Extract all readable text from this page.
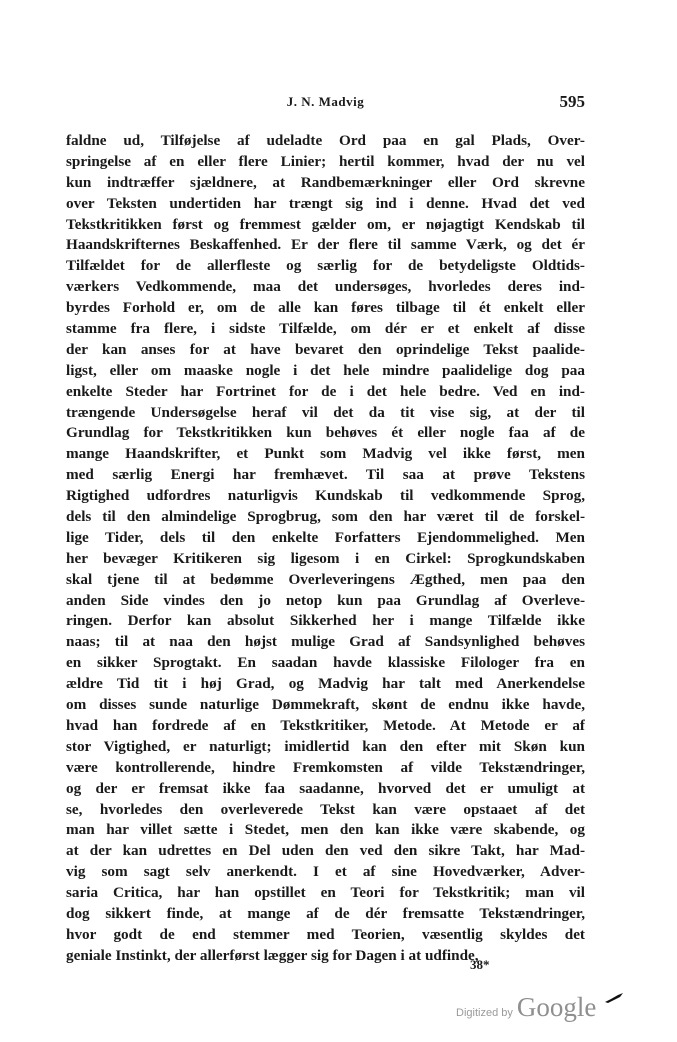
J. N. Madvig	595
faldne ud, Tilføjelse af udeladte Ord paa en gal Plads, Over-
springelse af en eller flere Linier; hertil kommer, hvad der nu vel
kun indtræffer sjældnere, at Randbemærkninger eller Ord skrevne
over Teksten undertiden har trængt sig ind i denne. Hvad det ved
Tekstkritikken først og fremmest gælder om, er nøjagtigt Kendskab til
Haandskrifternes Beskaffenhed. Er der flere til samme Værk, og det ér
Tilfældet for de allerfleste og særlig for de betydeligste Oldtids-
værkers Vedkommende, maa det undersøges, hvorledes deres ind-
byrdes Forhold er, om de alle kan føres tilbage til ét enkelt eller
stamme fra flere, i sidste Tilfælde, om dér er et enkelt af disse
der kan anses for at have bevaret den oprindelige Tekst paalide-
ligst, eller om maaske nogle i det hele mindre paalidelige dog paa
enkelte Steder har Fortrinet for de i det hele bedre. Ved en ind-
trængende Undersøgelse heraf vil det da tit vise sig, at der til
Grundlag for Tekstkritikken kun behøves ét eller nogle faa af de
mange Haandskrifter, et Punkt som Madvig vel ikke først, men
med særlig Energi har fremhævet. Til saa at prøve Tekstens
Rigtighed udfordres naturligvis Kundskab til vedkommende Sprog,
dels til den almindelige Sprogbrug, som den har været til de forskel-
lige Tider, dels til den enkelte Forfatters Ejendommelighed. Men
her bevæger Kritikeren sig ligesom i en Cirkel: Sprogkundskaben
skal tjene til at bedømme Overleveringens Ægthed, men paa den
anden Side vindes den jo netop kun paa Grundlag af Overleve-
ringen. Derfor kan absolut Sikkerhed her i mange Tilfælde ikke
naas; til at naa den højst mulige Grad af Sandsynlighed behøves
en sikker Sprogtakt. En saadan havde klassiske Filologer fra en
ældre Tid tit i høj Grad, og Madvig har talt med Anerkendelse
om disses sunde naturlige Dømmekraft, skønt de endnu ikke havde,
hvad han fordrede af en Tekstkritiker, Metode. At Metode er af
stor Vigtighed, er naturligt; imidlertid kan den efter mit Skøn kun
være kontrollerende, hindre Fremkomsten af vilde Tekstændringer,
og der er fremsat ikke faa saadanne, hvorved det er umuligt at
se, hvorledes den overleverede Tekst kan være opstaaet af det
man har villet sætte i Stedet, men den kan ikke være skabende, og
at der kan udrettes en Del uden den ved den sikre Takt, har Mad-
vig som sagt selv anerkendt. I et af sine Hovedværker, Adver-
saria Critica, har han opstillet en Teori for Tekstkritik; man vil
dog sikkert finde, at mange af de dér fremsatte Tekstændringer,
hvor godt de end stemmer med Teorien, væsentlig skyldes det
geniale Instinkt, der allerførst lægger sig for Dagen i at udfinde,
38*
Digitized by Google
